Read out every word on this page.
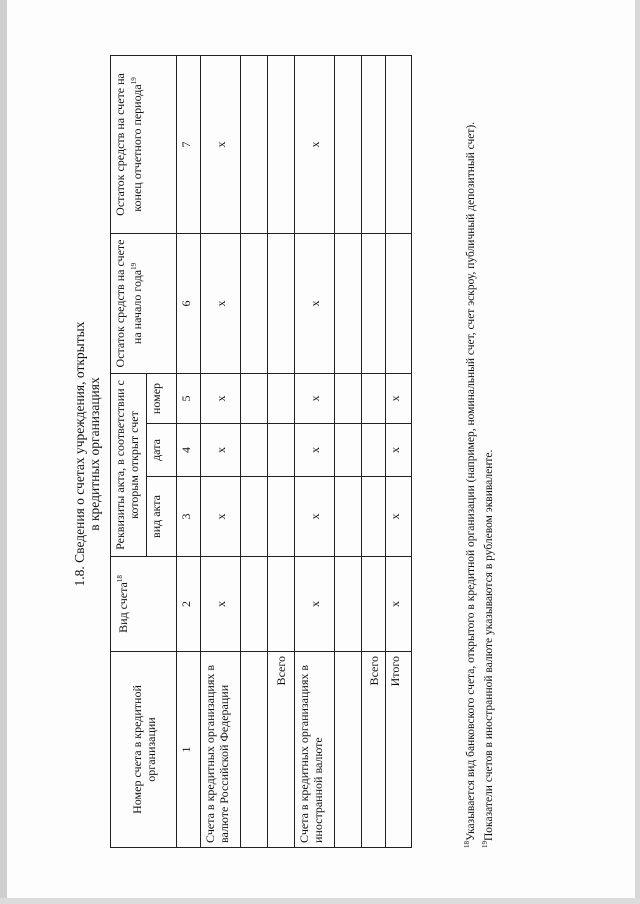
1.8. Сведения о счетах учреждения, открытых в кредитных организациях
Номер счета в кредитной организации	Вид счета$^{18}$	Реквизиты акта, в соответствии с которым открыт счет			Остаток средств на счете на начало года$^{19}$	Остаток средств на счете на конец отчетного периода$^{19}$
		вид акта	дата	номер		
1	2	3	4	5	6	7
Счета в кредитных организациях в валюте Российской Федерации	х	х	х	х	х	х

Всего						
Счета в кредитных организациях в иностранной валюте	х	х	х	х	х	х

Всего						
Итого	х	х	х	х		

$^{18}$Указывается вид банковского счета, открытого в кредитной организации (например, номинальный счет, счет эскроу, публичный депозитный счет).

$^{19}$Показатели счетов в иностранной валюте указываются в рублевом эквиваленте.
